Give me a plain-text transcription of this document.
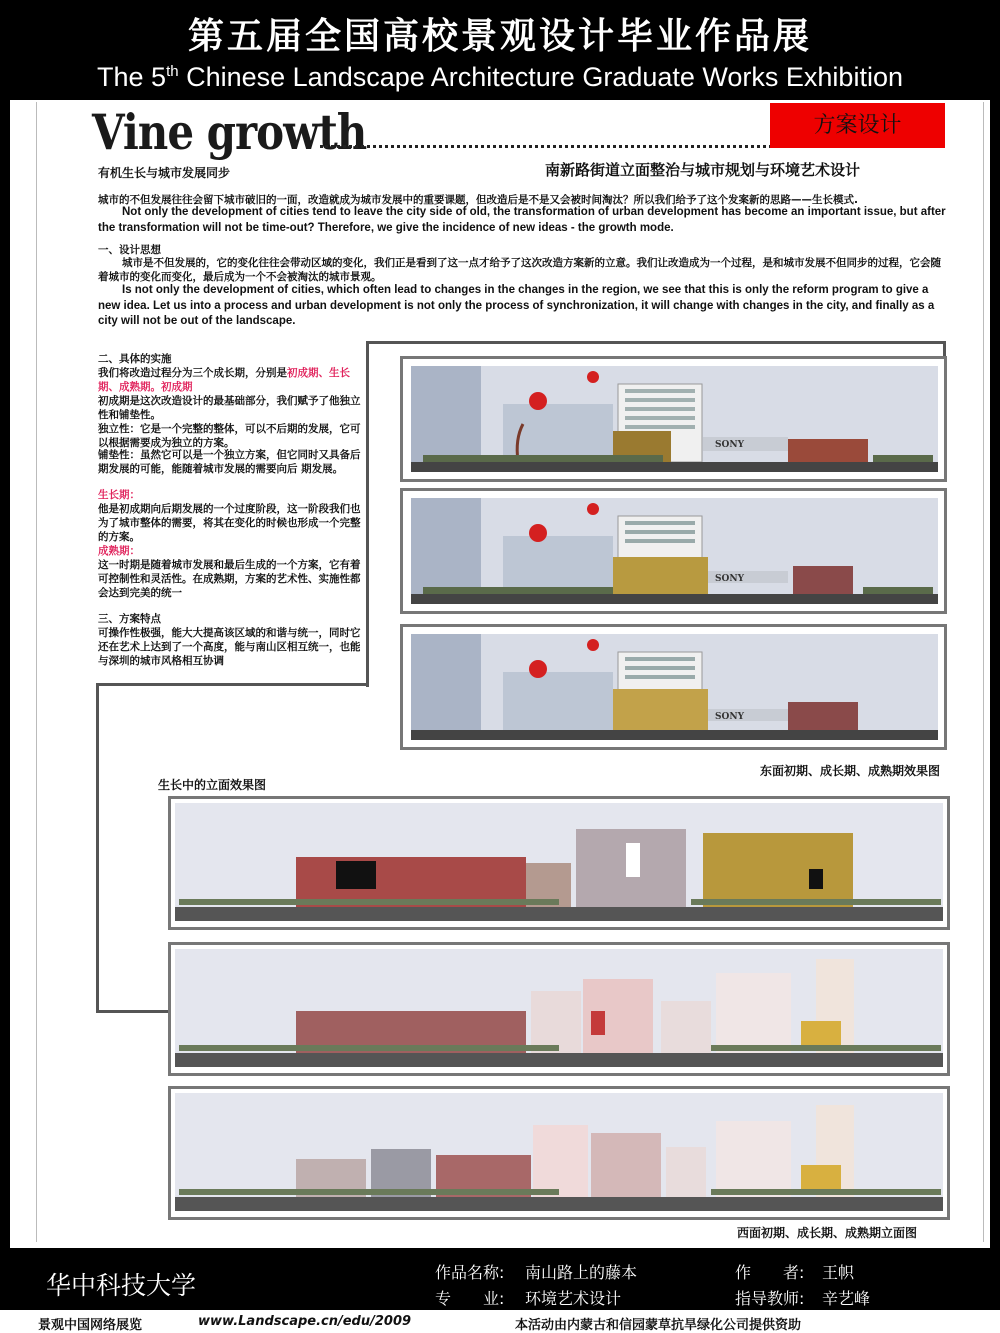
第五届全国高校景观设计毕业作品展
The 5th Chinese Landscape Architecture Graduate Works Exhibition
Vine growth	方案设计
有机生长与城市发展同步	南新路街道立面整治与城市规划与环境艺术设计
城市的不但发展往往会留下城市破旧的一面，改造就成为城市发展中的重要课题，但改造后是不是又会被时间淘汰？所以我们给予了这个发案新的思路——生长模式.
Not only the development of cities tend to leave the city side of old, the transformation of urban development has become an important issue, but after the transformation will not be time-out? Therefore, we give the incidence of new ideas - the growth mode.
一、设计思想
城市是不但发展的，它的变化往往会带动区域的变化，我们正是看到了这一点才给予了这次改造方案新的立意。我们让改造成为一个过程，是和城市发展不但同步的过程，它会随着城市的变化而变化，最后成为一个不会被淘汰的城市景观。
Is not only the development of cities, which often lead to changes in the changes in the region, we see that this is only the reform program to give a new idea. Let us into a process and urban development is not only the process of synchronization, it will change with changes in the city, and finally as a city will not be out of the landscape.
二、具体的实施
我们将改造过程分为三个成长期，分别是初成期、生长期、成熟期。初成期
初成期是这次改造设计的最基础部分，我们赋予了他独立性和铺垫性。
独立性：它是一个完整的整体，可以不后期的发展，它可以根据需要成为独立的方案。
铺垫性：虽然它可以是一个独立方案，但它同时又具备后期发展的可能，能随着城市发展的需要向后 期发展。
生长期：
他是初成期向后期发展的一个过度阶段，这一阶段我们也为了城市整体的需要，将其在变化的时候也形成一个完整的方案。
成熟期：
这一时期是随着城市发展和最后生成的一个方案，它有着可控制性和灵活性。在成熟期，方案的艺术性、实施性都会达到完美的统一
三、方案特点
可操作性极强，能大大提高该区域的和谐与统一，同时它还在艺术上达到了一个高度，能与南山区相互统一，也能与深圳的城市风格相互协调
SONY
SONY
SONY
东面初期、成长期、成熟期效果图
生长中的立面效果图
西面初期、成长期、成熟期立面图
华中科技大学	作品名称: 南山路上的藤本
专　　业: 环境艺术设计
作　　者: 王帜
指导教师: 辛艺峰
景观中国网络展览	www.Landscape.cn/edu/2009	本活动由内蒙古和信园蒙草抗旱绿化公司提供资助
